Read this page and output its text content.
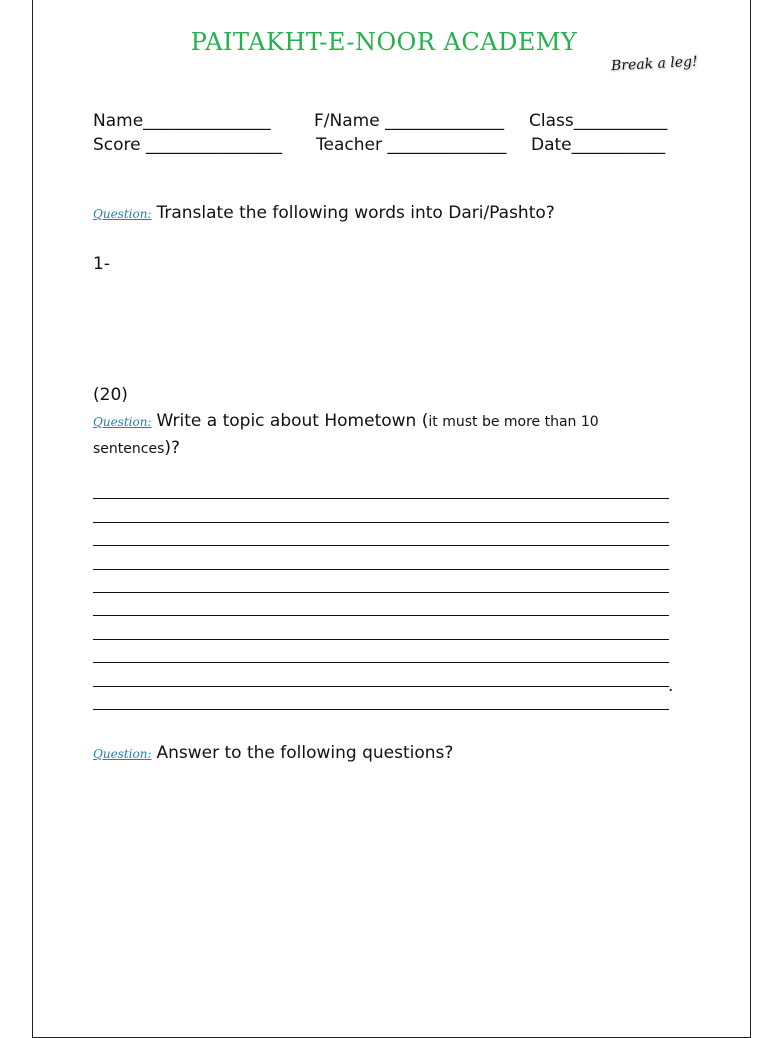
PAITAKHT-E-NOOR ACADEMY
Break a leg!
Name_______________	F/Name ______________ Class___________
Score ________________ Teacher ______________ Date___________
Question: Translate the following words into Dari/Pashto?
1-
(20)
Question: Write a topic about Hometown (it must be more than 10
sentences)?
.
Question: Answer to the following questions?
